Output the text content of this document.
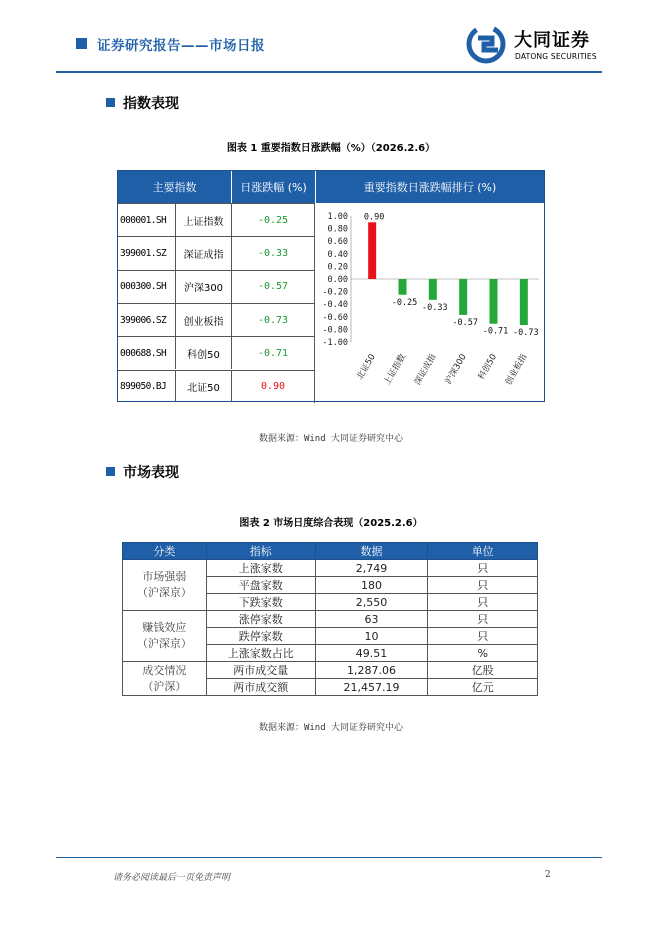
证券研究报告——市场日报	大同证券
DATONG SECURITIES
指数表现
图表 1 重要指数日涨跌幅（%）（2026.2.6）
主要指数	日涨跌幅 (%)	重要指数日涨跌幅排行 (%)
000001.SH	上证指数	-0.25
399001.SZ	深证成指	-0.33
000300.SH	沪深300	-0.57
399006.SZ	创业板指	-0.73
000688.SH	科创50	-0.71
899050.BJ	北证50	0.90
1.00
0.80
0.60
0.40
0.20
0.00
-0.20
-0.40
-0.60
-0.80
-1.00
0.90
北证50
-0.25
上证指数
-0.33
深证成指
-0.57
沪深300
-0.71
科创50
-0.73
创业板指
数据来源：Wind 大同证券研究中心
市场表现
图表 2 市场日度综合表现（2025.2.6）
分类	指标	数据	单位
市场强弱
（沪深京）	上涨家数	2,749	只
	平盘家数	180	只
	下跌家数	2,550	只
赚钱效应
（沪深京）	涨停家数	63	只
	跌停家数	10	只
	上涨家数占比	49.51	%
成交情况
（沪深）	两市成交量	1,287.06	亿股
	两市成交额	21,457.19	亿元
数据来源：Wind 大同证券研究中心
请务必阅读最后一页免责声明	2
